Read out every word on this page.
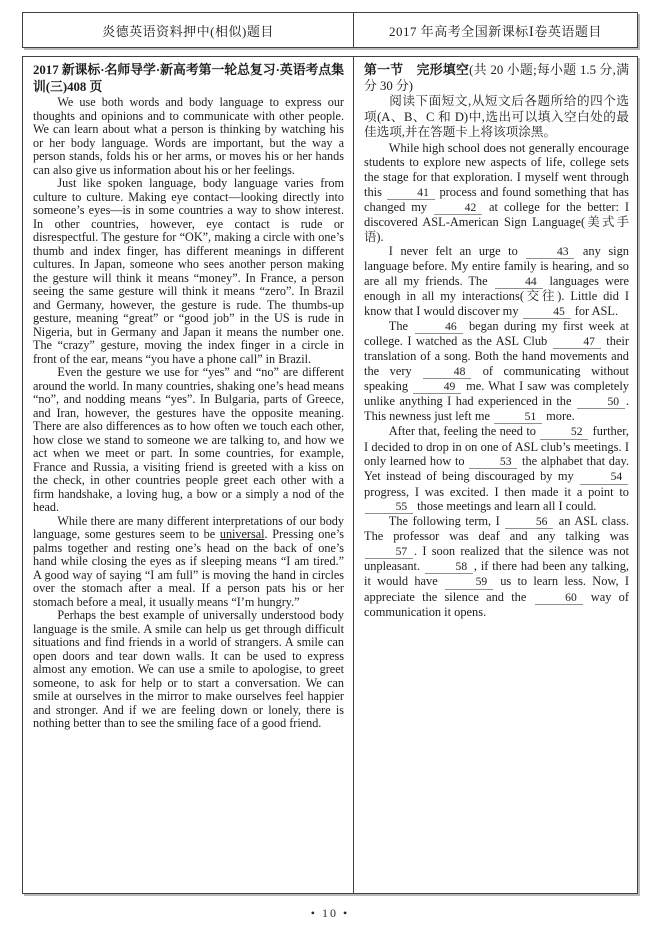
炎德英语资料押中(相似)题目	2017 年高考全国新课标Ⅰ卷英语题目

2017 新课标·名师导学·新高考第一轮总复习·英语考点集训(三)408 页

We use both words and body language to express our thoughts and opinions and to communicate with other people. We can learn about what a person is thinking by watching his or her body language. Words are important, but the way a person stands, folds his or her arms, or moves his or her hands can also give us information about his or her feelings.

Just like spoken language, body language varies from culture to culture. Making eye contact—looking directly into someone’s eyes—is in some countries a way to show interest. In other countries, however, eye contact is rude or disrespectful. The gesture for “OK”, making a circle with one’s thumb and index finger, has different meanings in different cultures. In Japan, someone who sees another person making the gesture will think it means “money”. In France, a person seeing the same gesture will think it means “zero”. In Brazil and Germany, however, the gesture is rude. The thumbs-up gesture, meaning “great” or “good job” in the US is rude in Nigeria, but in Germany and Japan it means the number one. The “crazy” gesture, moving the index finger in a circle in front of the ear, means “you have a phone call” in Brazil.

Even the gesture we use for “yes” and “no” are different around the world. In many countries, shaking one’s head means “no”, and nodding means “yes”. In Bulgaria, parts of Greece, and Iran, however, the gestures have the opposite meaning. There are also differences as to how often we touch each other, how close we stand to someone we are talking to, and how we act when we meet or part. In some countries, for example, France and Russia, a visiting friend is greeted with a kiss on the check, in other countries people greet each other with a firm handshake, a loving hug, a bow or a simply a nod of the head.

While there are many different interpretations of our body language, some gestures seem to be universal. Pressing one’s palms together and resting one’s head on the back of one’s hand while closing the eyes as if sleeping means “I am tired.” A good way of saying “I am full” is moving the hand in circles over the stomach after a meal. If a person pats his or her stomach before a meal, it usually means “I’m hungry.”

Perhaps the best example of universally understood body language is the smile. A smile can help us get through difficult situations and find friends in a world of strangers. A smile can open doors and tear down walls. It can be used to express almost any emotion. We can use a smile to apologise, to greet someone, to ask for help or to start a conversation. We can smile at ourselves in the mirror to make ourselves feel happier and stronger. And if we are feeling down or lonely, there is nothing better than to see the smiling face of a good friend.

第一节　完形填空(共 20 小题;每小题 1.5 分,满分 30 分)

阅读下面短文,从短文后各题所给的四个选项(A、B、C 和 D)中,选出可以填入空白处的最佳选项,并在答题卡上将该项涂黑。

While high school does not generally encourage students to explore new aspects of life, college sets the stage for that exploration. I myself went through this	41 process and found something that has changed my	42 at college for the better: I discovered ASL-American Sign Language(美式手语).

I never felt an urge to	43 any sign language before. My entire family is hearing, and so are all my friends. The	44 languages were enough in all my interactions(交往). Little did I know that I would discover my	45 for ASL.

The	46 began during my first week at college. I watched as the ASL Club	47 their translation of a song. Both the hand movements and the very	48 of communicating without speaking	49 me. What I saw was completely unlike anything I had experienced in the	50 . This newness just left me	51 more.

After that, feeling the need to	52 further, I decided to drop in on one of ASL club’s meetings. I only learned how to	53 the alphabet that day. Yet instead of being discouraged by my	54 progress, I was excited. I then made it a point to 55 those meetings and learn all I could.

The following term, I	56 an ASL class. The professor was deaf and any talking was 57 . I soon realized that the silence was not unpleasant.	58 , if there had been any talking, it would have	59 us to learn less. Now, I appreciate the silence and the	60 way of communication it opens.

• 10 •
